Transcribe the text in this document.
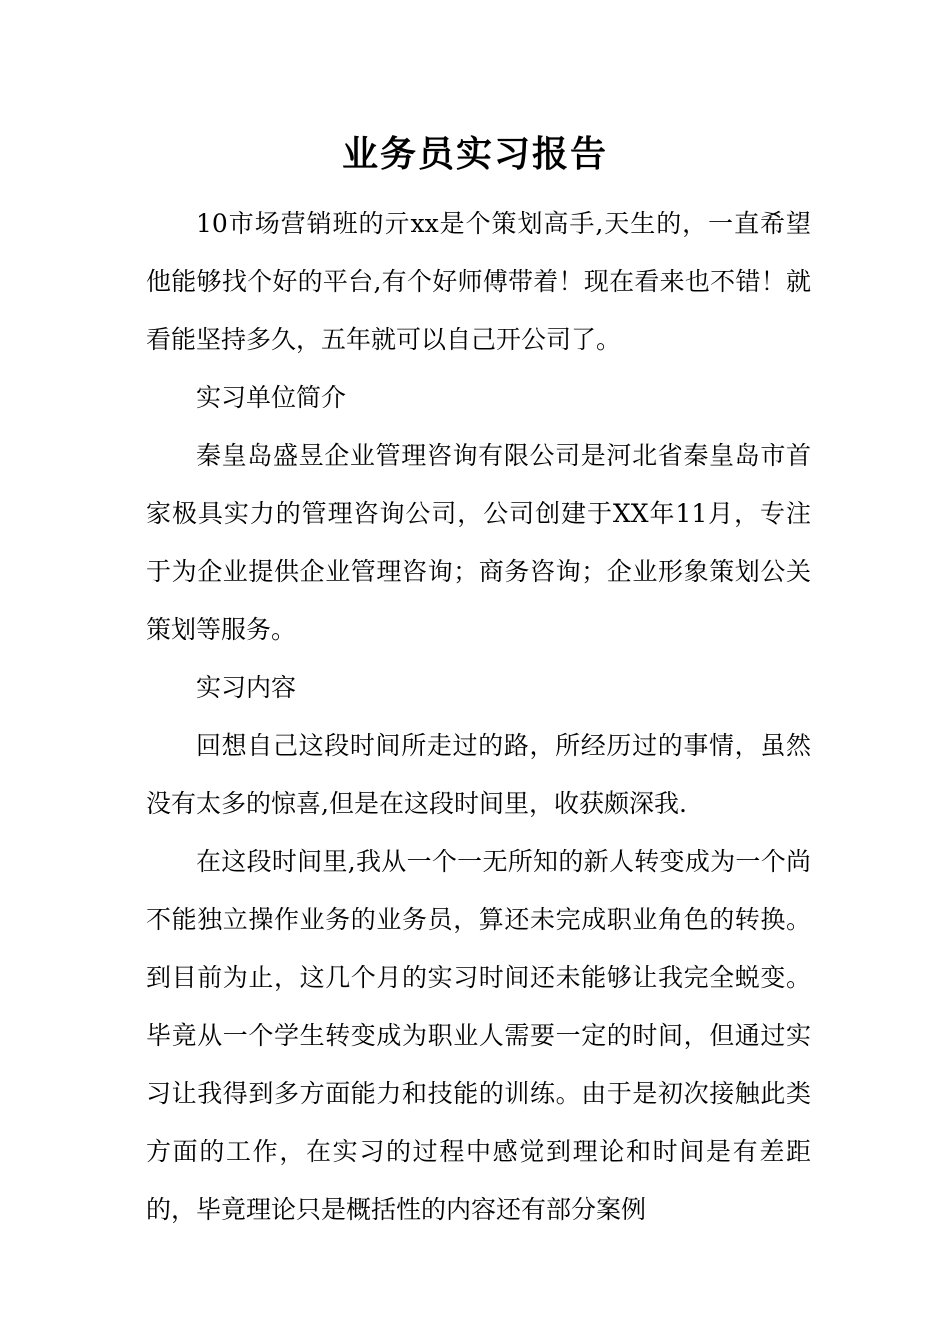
业务员实习报告

10市场营销班的亓xx是个策划高手,天生的，一直希望他能够找个好的平台,有个好师傅带着！现在看来也不错！就看能坚持多久，五年就可以自己开公司了。

实习单位简介

秦皇岛盛昱企业管理咨询有限公司是河北省秦皇岛市首家极具实力的管理咨询公司，公司创建于XX年11月，专注于为企业提供企业管理咨询；商务咨询；企业形象策划公关策划等服务。

实习内容

回想自己这段时间所走过的路，所经历过的事情，虽然没有太多的惊喜,但是在这段时间里，收获颇深我.

在这段时间里,我从一个一无所知的新人转变成为一个尚不能独立操作业务的业务员，算还未完成职业角色的转换。到目前为止，这几个月的实习时间还未能够让我完全蜕变。毕竟从一个学生转变成为职业人需要一定的时间，但通过实习让我得到多方面能力和技能的训练。由于是初次接触此类方面的工作，在实习的过程中感觉到理论和时间是有差距的，毕竟理论只是概括性的内容还有部分案例
